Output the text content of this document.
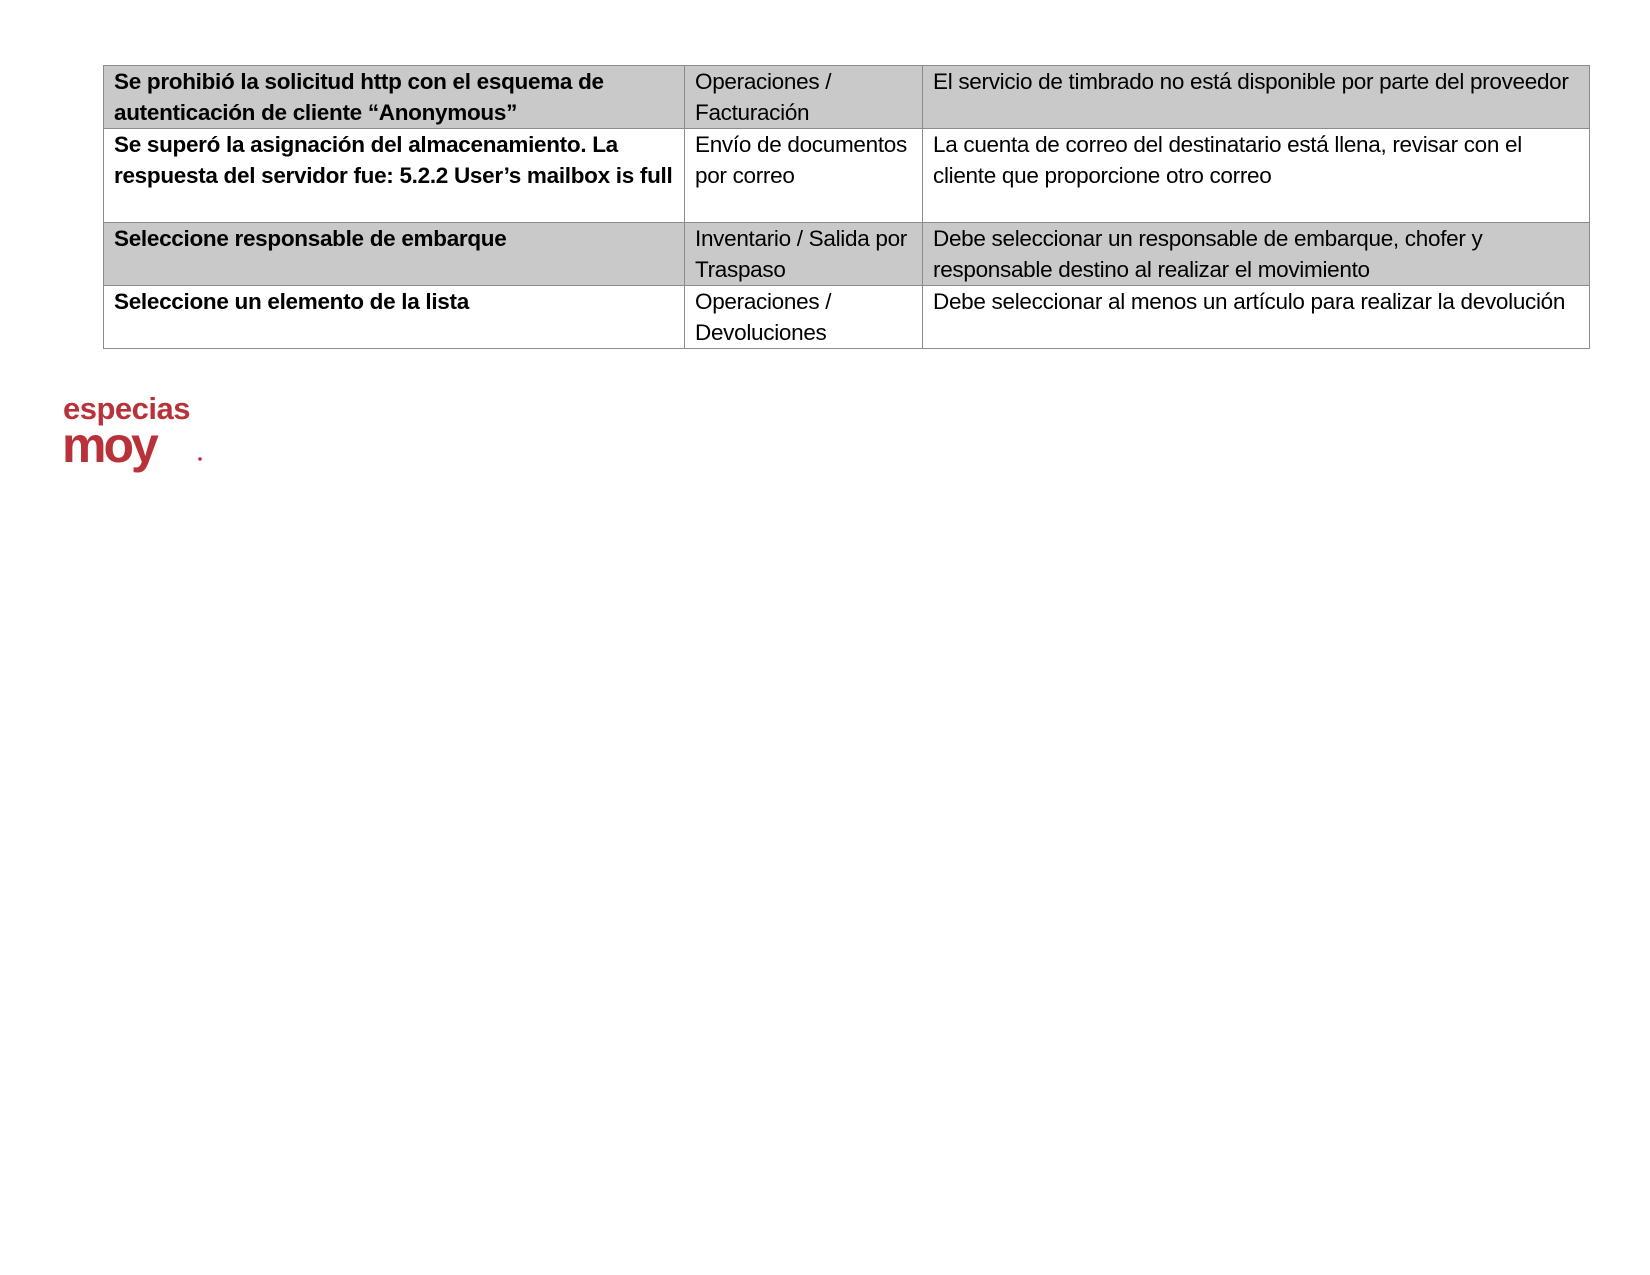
Se prohibió la solicitud http con el esquema de autenticación de cliente “Anonymous”	Operaciones / Facturación	El servicio de timbrado no está disponible por parte del proveedor
Se superó la asignación del almacenamiento. La respuesta del servidor fue: 5.2.2 User’s mailbox is full	Envío de documentos por correo	La cuenta de correo del destinatario está llena, revisar con el cliente que proporcione otro correo
Seleccione responsable de embarque	Inventario / Salida por Traspaso	Debe seleccionar un responsable de embarque, chofer y responsable destino al realizar el movimiento
Seleccione un elemento de la lista	Operaciones / Devoluciones	Debe seleccionar al menos un artículo para realizar la devolución
especias
moy
